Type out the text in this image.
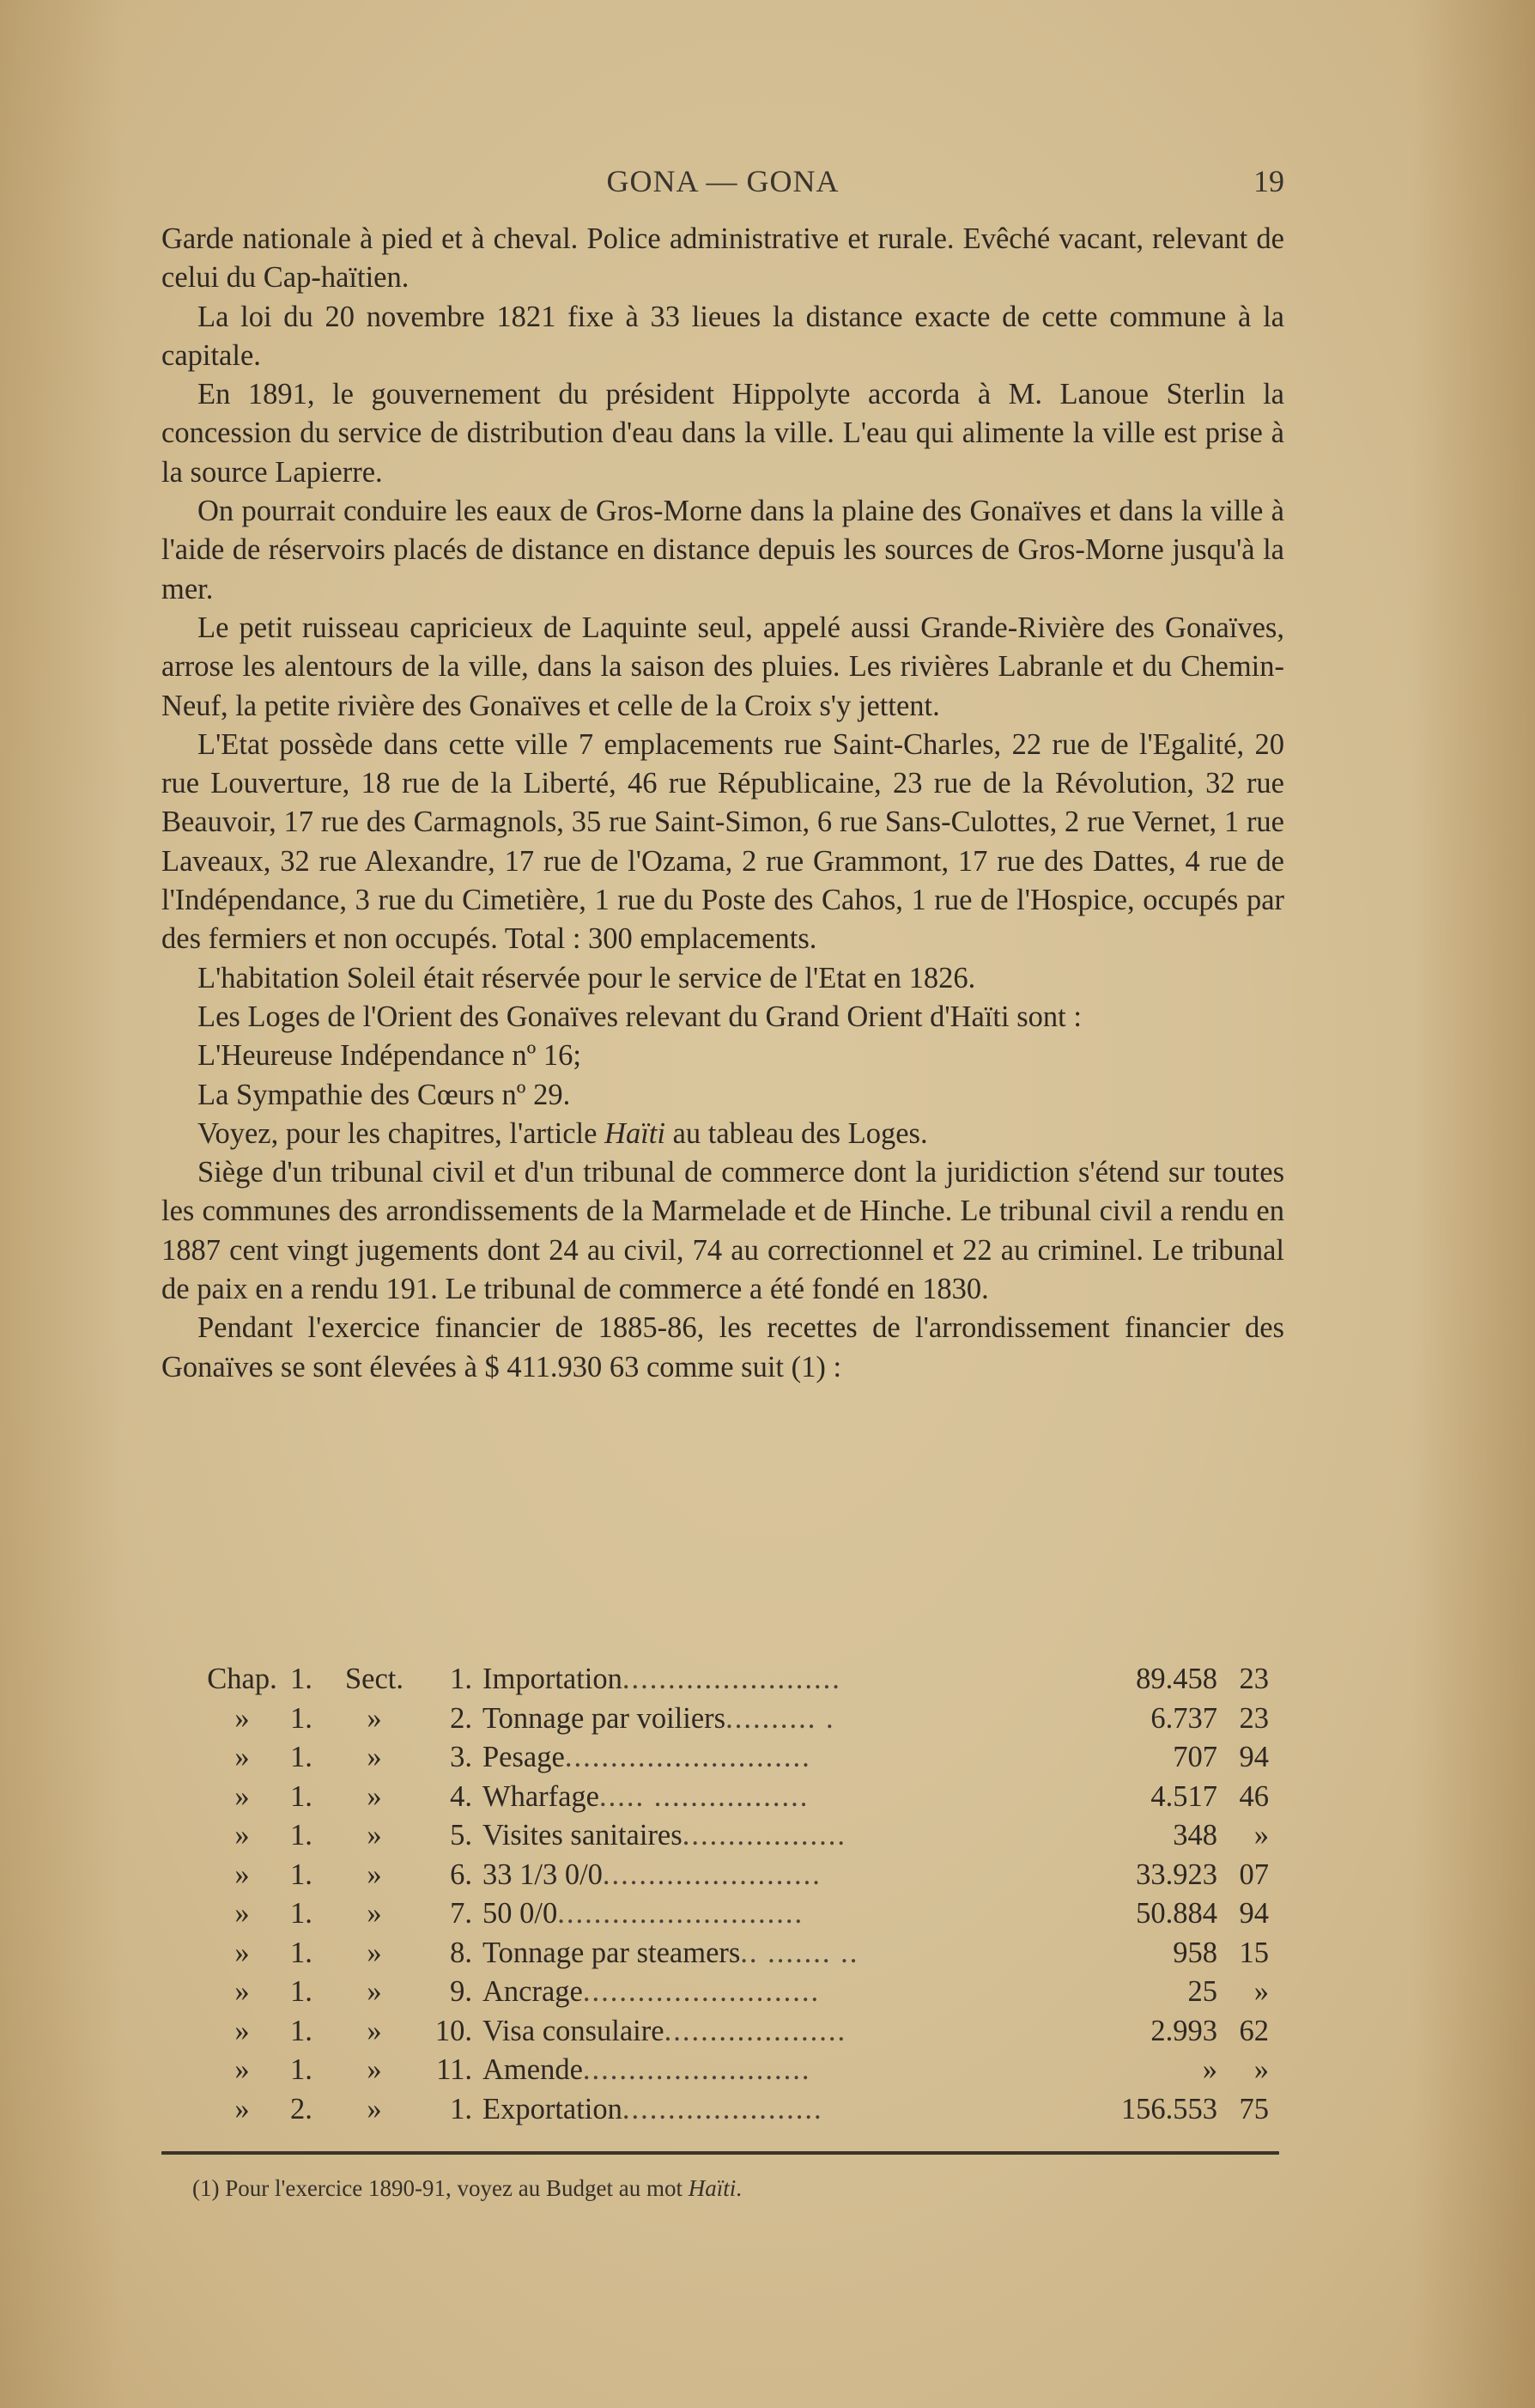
GONA — GONA	19

Garde nationale à pied et à cheval. Police administrative et rurale. Evêché vacant, relevant de celui du Cap-haïtien.

La loi du 20 novembre 1821 fixe à 33 lieues la distance exacte de cette commune à la capitale.

En 1891, le gouvernement du président Hippolyte accorda à M. Lanoue Sterlin la concession du service de distribution d'eau dans la ville. L'eau qui alimente la ville est prise à la source Lapierre.

On pourrait conduire les eaux de Gros-Morne dans la plaine des Gonaïves et dans la ville à l'aide de réservoirs placés de distance en distance depuis les sources de Gros-Morne jusqu'à la mer.

Le petit ruisseau capricieux de Laquinte seul, appelé aussi Grande-Rivière des Gonaïves, arrose les alentours de la ville, dans la saison des pluies. Les rivières Labranle et du Chemin-Neuf, la petite rivière des Gonaïves et celle de la Croix s'y jettent.

L'Etat possède dans cette ville 7 emplacements rue Saint-Charles, 22 rue de l'Egalité, 20 rue Louverture, 18 rue de la Liberté, 46 rue Républicaine, 23 rue de la Révolution, 32 rue Beauvoir, 17 rue des Carmagnols, 35 rue Saint-Simon, 6 rue Sans-Culottes, 2 rue Vernet, 1 rue Laveaux, 32 rue Alexandre, 17 rue de l'Ozama, 2 rue Grammont, 17 rue des Dattes, 4 rue de l'Indépendance, 3 rue du Cimetière, 1 rue du Poste des Cahos, 1 rue de l'Hospice, occupés par des fermiers et non occupés. Total : 300 emplacements.

L'habitation Soleil était réservée pour le service de l'Etat en 1826.

Les Loges de l'Orient des Gonaïves relevant du Grand Orient d'Haïti sont :

L'Heureuse Indépendance nº 16;

La Sympathie des Cœurs nº 29.

Voyez, pour les chapitres, l'article Haïti au tableau des Loges.

Siège d'un tribunal civil et d'un tribunal de commerce dont la juridiction s'étend sur toutes les communes des arrondissements de la Marmelade et de Hinche. Le tribunal civil a rendu en 1887 cent vingt jugements dont 24 au civil, 74 au correctionnel et 22 au criminel. Le tribunal de paix en a rendu 191. Le tribunal de commerce a été fondé en 1830.

Pendant l'exercice financier de 1885-86, les recettes de l'arrondissement financier des Gonaïves se sont élevées à $ 411.930 63 comme suit (1) :

Chap. 1.	Sect.	1. Importation........................	89.458 23
»	1.	»	2. Tonnage par voiliers.......... .	6.737 23
»	1.	»	3. Pesage...........................	707 94
»	1.	»	4. Wharfage..... .................	4.517 46
»	1.	»	5. Visites sanitaires..................	348	»
»	1.	»	6. 33 1/3 0/0........................	33.923 07
»	1.	»	7. 50 0/0...........................	50.884 94
»	1.	»	8. Tonnage par steamers.. ....... ..	958 15
»	1.	»	9. Ancrage..........................	25	»
»	1.	»	10. Visa consulaire....................	2.993 62
»	1.	»	11. Amende.........................	»	»
»	2.	»	1. Exportation......................	156.553 75
(1) Pour l'exercice 1890-91, voyez au Budget au mot Haïti.
